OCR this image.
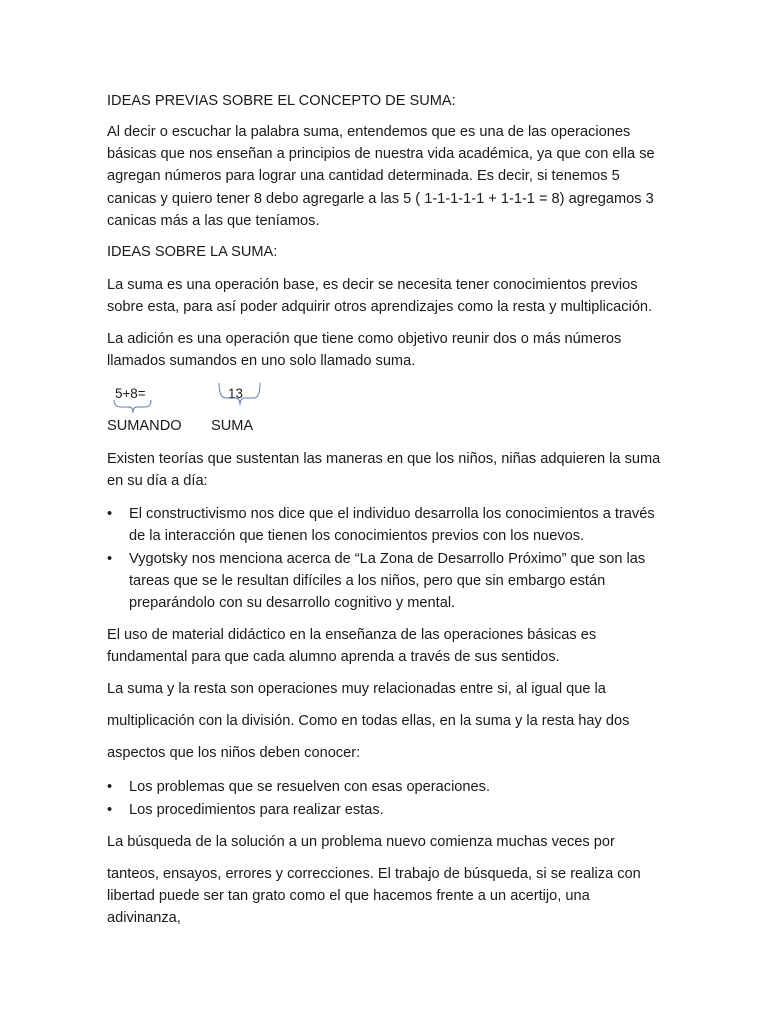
IDEAS PREVIAS SOBRE EL CONCEPTO DE SUMA:

Al decir o escuchar la palabra suma, entendemos que es una de las operaciones
básicas que nos enseñan a principios de nuestra vida académica, ya que con ella se
agregan números para lograr una cantidad determinada. Es decir, si tenemos 5
canicas y quiero tener 8 debo agregarle a las 5 ( 1-1-1-1-1 + 1-1-1 = 8) agregamos 3
canicas más a las que teníamos.

IDEAS SOBRE LA SUMA:

La suma es una operación base, es decir se necesita tener conocimientos previos
sobre esta, para así poder adquirir otros aprendizajes como la resta y multiplicación.

La adición es una operación que tiene como objetivo reunir dos o más números
llamados sumandos en uno solo llamado suma.

5+8=	13

SUMANDO SUMA

Existen teorías que sustentan las maneras en que los niños, niñas adquieren la suma
en su día a día:

• El constructivismo nos dice que el individuo desarrolla los conocimientos a través
de la interacción que tienen los conocimientos previos con los nuevos.
• Vygotsky nos menciona acerca de “La Zona de Desarrollo Próximo” que son las
tareas que se le resultan difíciles a los niños, pero que sin embargo están
preparándolo con su desarrollo cognitivo y mental.

El uso de material didáctico en la enseñanza de las operaciones básicas es
fundamental para que cada alumno aprenda a través de sus sentidos.

La suma y la resta son operaciones muy relacionadas entre si, al igual que la

multiplicación con la división. Como en todas ellas, en la suma y la resta hay dos

aspectos que los niños deben conocer:

• Los problemas que se resuelven con esas operaciones.
• Los procedimientos para realizar estas.

La búsqueda de la solución a un problema nuevo comienza muchas veces por

tanteos, ensayos, errores y correcciones. El trabajo de búsqueda, si se realiza con
libertad puede ser tan grato como el que hacemos frente a un acertijo, una
adivinanza,
